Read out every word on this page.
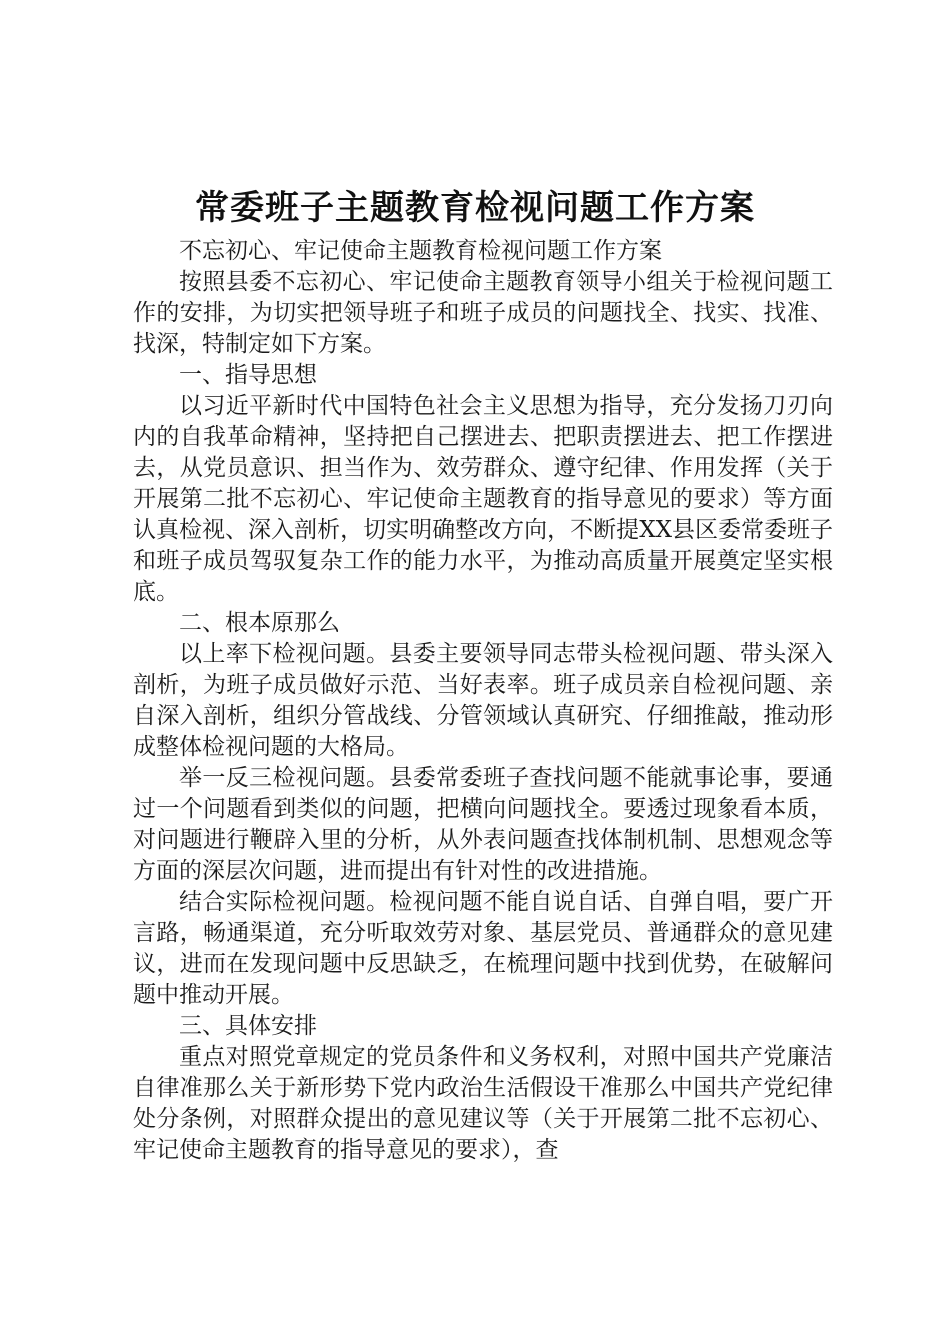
常委班子主题教育检视问题工作方案

不忘初心、牢记使命主题教育检视问题工作方案

按照县委不忘初心、牢记使命主题教育领导小组关于检视问题工作的安排，为切实把领导班子和班子成员的问题找全、找实、找准、找深，特制定如下方案。

一、指导思想

以习近平新时代中国特色社会主义思想为指导，充分发扬刀刃向内的自我革命精神，坚持把自己摆进去、把职责摆进去、把工作摆进去，从党员意识、担当作为、效劳群众、遵守纪律、作用发挥（关于开展第二批不忘初心、牢记使命主题教育的指导意见的要求）等方面认真检视、深入剖析，切实明确整改方向，不断提XX县区委常委班子和班子成员驾驭复杂工作的能力水平，为推动高质量开展奠定坚实根底。

二、根本原那么

以上率下检视问题。县委主要领导同志带头检视问题、带头深入剖析，为班子成员做好示范、当好表率。班子成员亲自检视问题、亲自深入剖析，组织分管战线、分管领域认真研究、仔细推敲，推动形成整体检视问题的大格局。

举一反三检视问题。县委常委班子查找问题不能就事论事，要通过一个问题看到类似的问题，把横向问题找全。要透过现象看本质，对问题进行鞭辟入里的分析，从外表问题查找体制机制、思想观念等方面的深层次问题，进而提出有针对性的改进措施。

结合实际检视问题。检视问题不能自说自话、自弹自唱，要广开言路，畅通渠道，充分听取效劳对象、基层党员、普通群众的意见建议，进而在发现问题中反思缺乏，在梳理问题中找到优势，在破解问题中推动开展。

三、具体安排

重点对照党章规定的党员条件和义务权利，对照中国共产党廉洁自律准那么关于新形势下党内政治生活假设干准那么中国共产党纪律处分条例，对照群众提出的意见建议等（关于开展第二批不忘初心、牢记使命主题教育的指导意见的要求），查
